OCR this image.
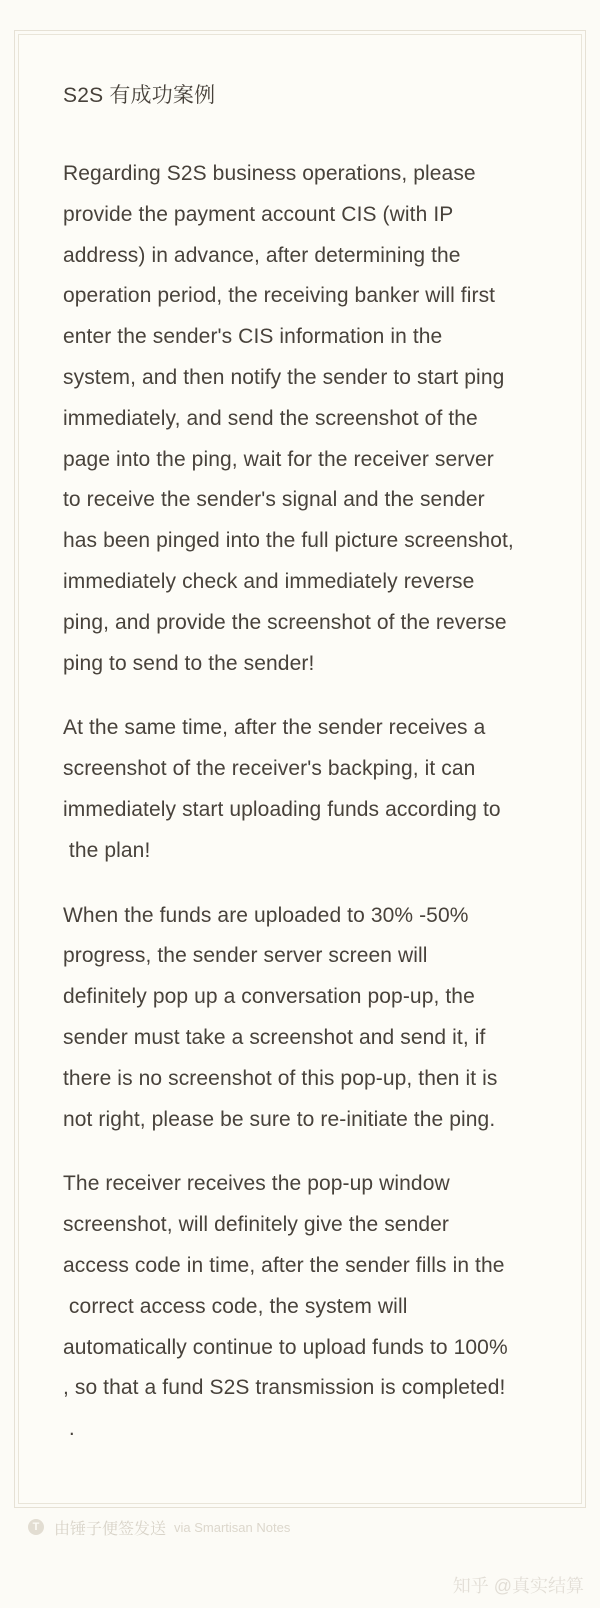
S2S 有成功案例

Regarding S2S business operations, please
provide the payment account CIS (with IP
address) in advance, after determining the
operation period, the receiving banker will first
enter the sender's CIS information in the
system, and then notify the sender to start ping
immediately, and send the screenshot of the
page into the ping, wait for the receiver server
to receive the sender's signal and the sender
has been pinged into the full picture screenshot,
immediately check and immediately reverse
ping, and provide the screenshot of the reverse
ping to send to the sender!

At the same time, after the sender receives a
screenshot of the receiver's backping, it can
immediately start uploading funds according to
the plan!

When the funds are uploaded to 30% -50%
progress, the sender server screen will
definitely pop up a conversation pop-up, the
sender must take a screenshot and send it, if
there is no screenshot of this pop-up, then it is
not right, please be sure to re-initiate the ping.

The receiver receives the pop-up window
screenshot, will definitely give the sender
access code in time, after the sender fills in the
correct access code, the system will
automatically continue to upload funds to 100%
, so that a fund S2S transmission is completed!
.

T 由锤子便签发送 via Smartisan Notes
知乎 @真实结算
